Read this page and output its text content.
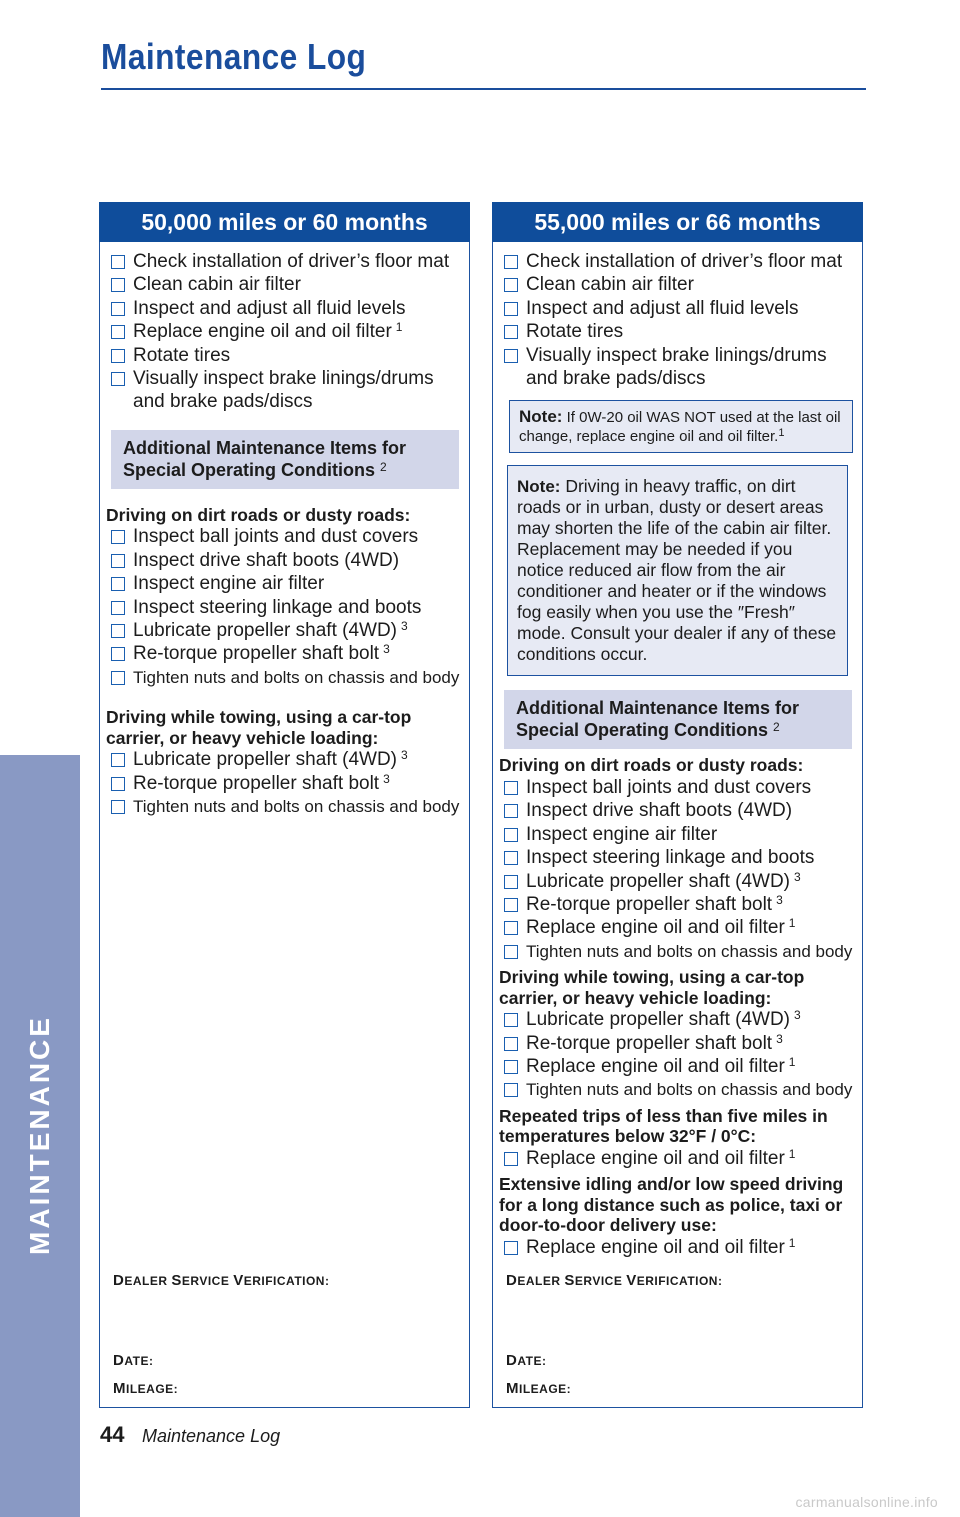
MAINTENANCE
Maintenance Log
50,000 miles or 60 months
Check installation of driver’s floor mat
Clean cabin air filter
Inspect and adjust all fluid levels
Replace engine oil and oil filter $^1$
Rotate tires
Visually inspect brake linings/drums and brake pads/discs
Additional Maintenance Items for Special Operating Conditions $^2$
Driving on dirt roads or dusty roads:
Inspect ball joints and dust covers
Inspect drive shaft boots (4WD)
Inspect engine air filter
Inspect steering linkage and boots
Lubricate propeller shaft (4WD) $^3$
Re-torque propeller shaft bolt $^3$
Tighten nuts and bolts on chassis and body
Driving while towing, using a car-top carrier, or heavy vehicle loading:
Lubricate propeller shaft (4WD) $^3$
Re-torque propeller shaft bolt $^3$
Tighten nuts and bolts on chassis and body
DEALER SERVICE VERIFICATION:
DATE:
MILEAGE:
55,000 miles or 66 months
Check installation of driver’s floor mat
Clean cabin air filter
Inspect and adjust all fluid levels
Rotate tires
Visually inspect brake linings/drums and brake pads/discs
Note: If 0W-20 oil WAS NOT used at the last oil change, replace engine oil and oil filter.$^1$
Note: Driving in heavy traffic, on dirt roads or in urban, dusty or desert areas may shorten the life of the cabin air filter. Replacement may be needed if you notice reduced air flow from the air conditioner and heater or if the windows fog easily when you use the ″Fresh″ mode. Consult your dealer if any of these conditions occur.
Additional Maintenance Items for Special Operating Conditions $^2$
Driving on dirt roads or dusty roads:
Inspect ball joints and dust covers
Inspect drive shaft boots (4WD)
Inspect engine air filter
Inspect steering linkage and boots
Lubricate propeller shaft (4WD) $^3$
Re-torque propeller shaft bolt $^3$
Replace engine oil and oil filter $^1$
Tighten nuts and bolts on chassis and body
Driving while towing, using a car-top carrier, or heavy vehicle loading:
Lubricate propeller shaft (4WD) $^3$
Re-torque propeller shaft bolt $^3$
Replace engine oil and oil filter $^1$
Tighten nuts and bolts on chassis and body
Repeated trips of less than five miles in temperatures below 32°F / 0°C:
Replace engine oil and oil filter $^1$
Extensive idling and/or low speed driving for a long distance such as police, taxi or door-to-door delivery use:
Replace engine oil and oil filter $^1$
DEALER SERVICE VERIFICATION:
DATE:
MILEAGE:
44 Maintenance Log
carmanualsonline.info
